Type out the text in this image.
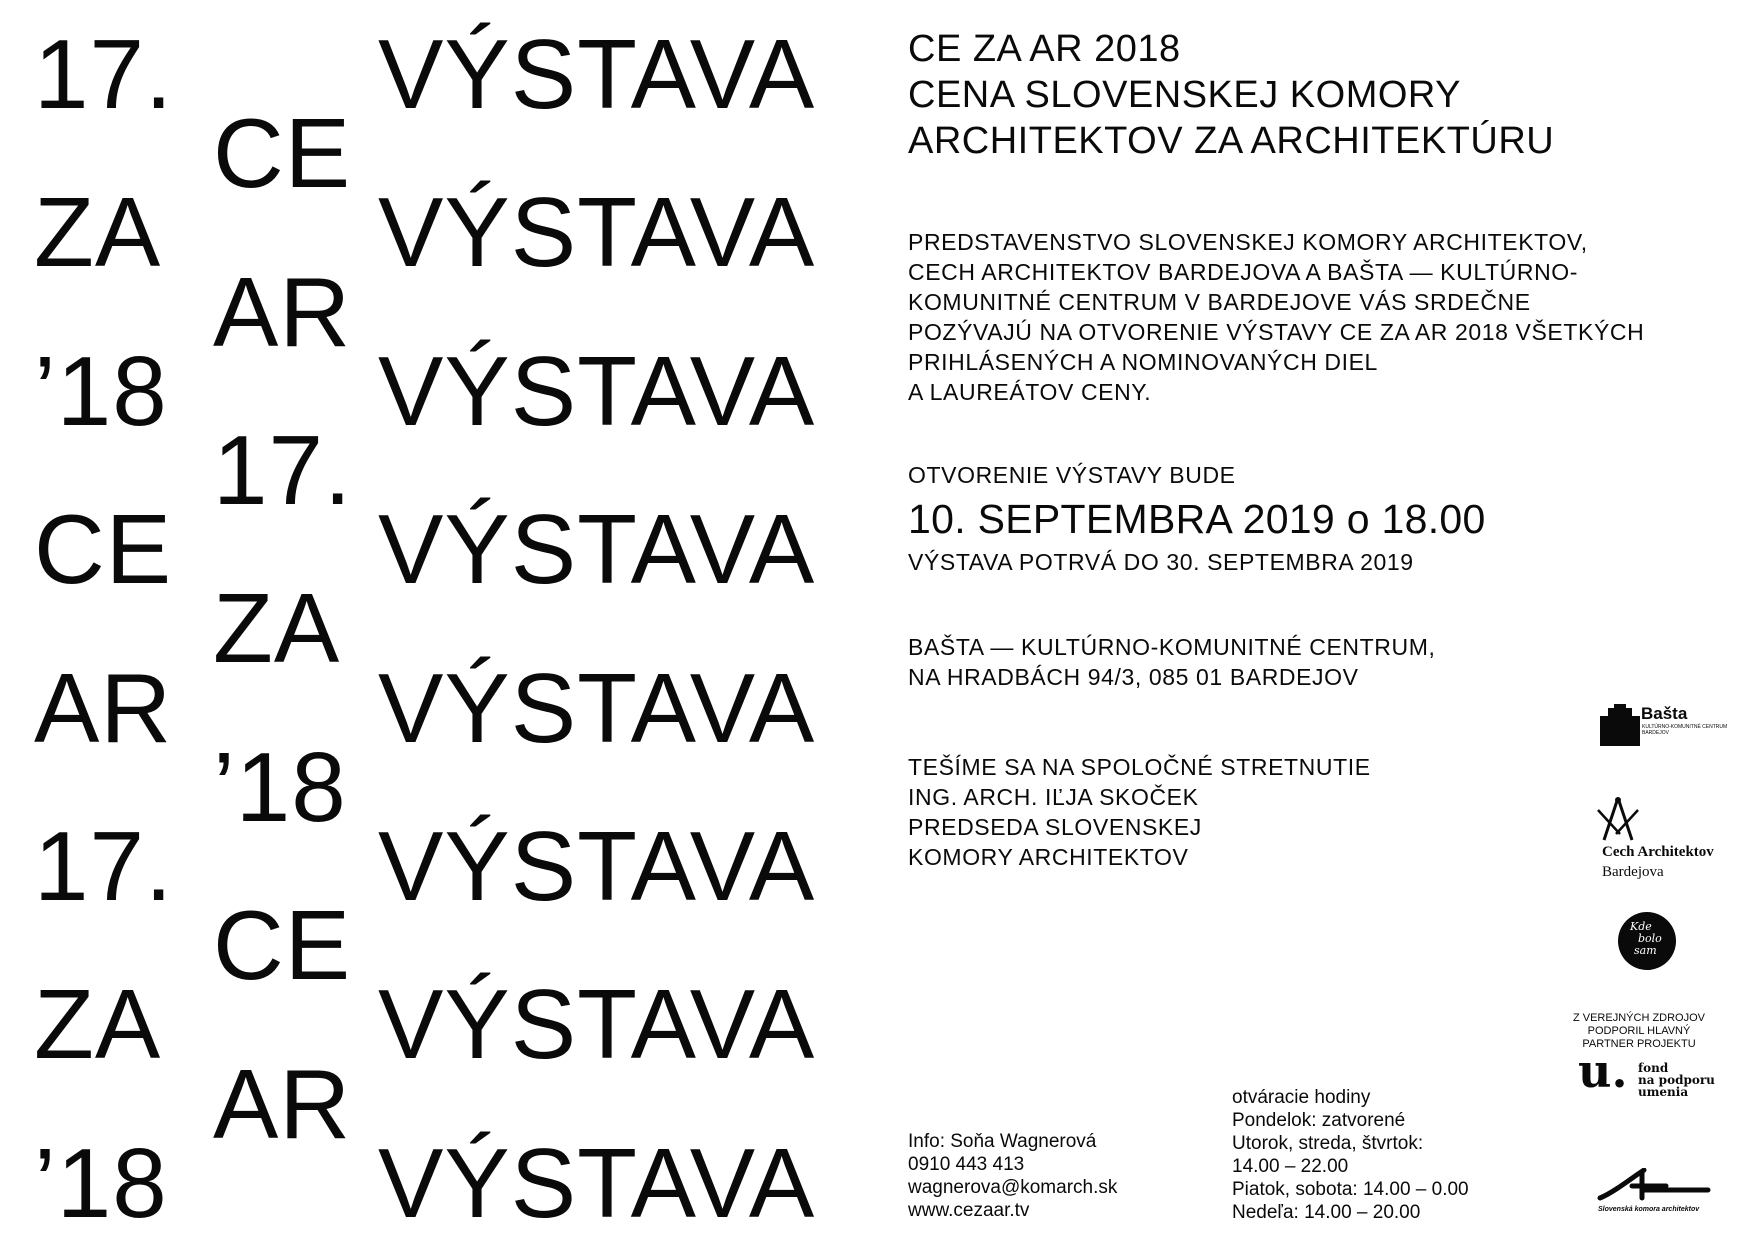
17. VÝSTAVA
CE
ZA VÝSTAVA
AR
’18 VÝSTAVA
17.
CE VÝSTAVA
ZA
AR VÝSTAVA
’18
17. VÝSTAVA
CE
ZA VÝSTAVA
AR
’18 VÝSTAVA
CE ZA AR 2018
CENA SLOVENSKEJ KOMORY
ARCHITEKTOV ZA ARCHITEKTÚRU
PREDSTAVENSTVO SLOVENSKEJ KOMORY ARCHITEKTOV,
CECH ARCHITEKTOV BARDEJOVA A BAŠTA — KULTÚRNO-
KOMUNITNÉ CENTRUM V BARDEJOVE VÁS SRDEČNE
POZÝVAJÚ NA OTVORENIE VÝSTAVY CE ZA AR 2018 VŠETKÝCH
PRIHLÁSENÝCH A NOMINOVANÝCH DIEL
A LAUREÁTOV CENY.
OTVORENIE VÝSTAVY BUDE
10. SEPTEMBRA 2019 o 18.00
VÝSTAVA POTRVÁ DO 30. SEPTEMBRA 2019
BAŠTA — KULTÚRNO-KOMUNITNÉ CENTRUM,
NA HRADBÁCH 94/3, 085 01 BARDEJOV
TEŠÍME SA NA SPOLOČNÉ STRETNUTIE
ING. ARCH. IĽJA SKOČEK
PREDSEDA SLOVENSKEJ
KOMORY ARCHITEKTOV
Info: Soňa Wagnerová
0910 443 413
wagnerova@komarch.sk
www.cezaar.tv
otváracie hodiny
Pondelok: zatvorené
Utorok, streda, štvrtok:
14.00 – 22.00
Piatok, sobota: 14.00 – 0.00
Nedeľa: 14.00 – 20.00
Bašta
KULTÚRNO-KOMUNITNÉ CENTRUM BARDEJOV
Cech Architektov
Bardejova
Kde
bolo
sam
Z VEREJNÝCH ZDROJOV
PODPORIL HLAVNÝ
PARTNER PROJEKTU
u. fond
na podporu
umenia
Slovenská komora architektov
